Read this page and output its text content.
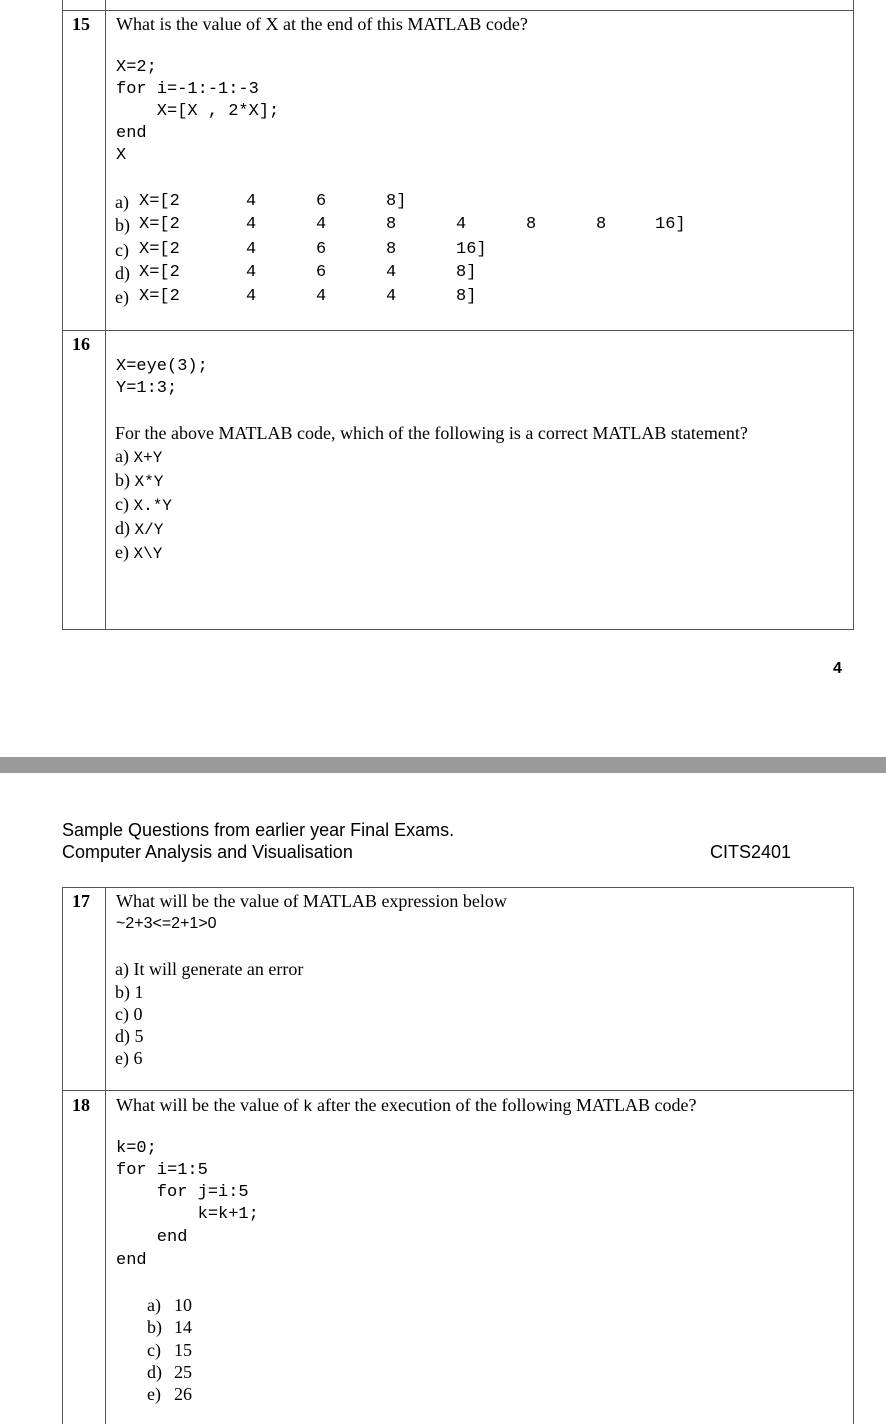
15 What is the value of X at the end of this MATLAB code?
X=2;
for i=-1:-1:-3
X=[X , 2*X];
end
X
a) X=[2	4	6	8]
b) X=[2	4	4	8	4	8	8	16]
c) X=[2	4	6	8	16]
d) X=[2	4	6	4	8]
e) X=[2	4	4	4	8]
16
X=eye(3);
Y=1:3;
For the above MATLAB code, which of the following is a correct MATLAB statement?
a) X+Y
b) X*Y
c) X.*Y
d) X/Y
e) X\Y
4
Sample Questions from earlier year Final Exams.
Computer Analysis and Visualisation	CITS2401
17 What will be the value of MATLAB expression below
~2+3<=2+1>0
a) It will generate an error
b) 1
c) 0
d) 5
e) 6
18 What will be the value of k after the execution of the following MATLAB code?
k=0;
for i=1:5
for j=i:5
k=k+1;
end
end
a) 10
b) 14
c) 15
d) 25
e) 26
